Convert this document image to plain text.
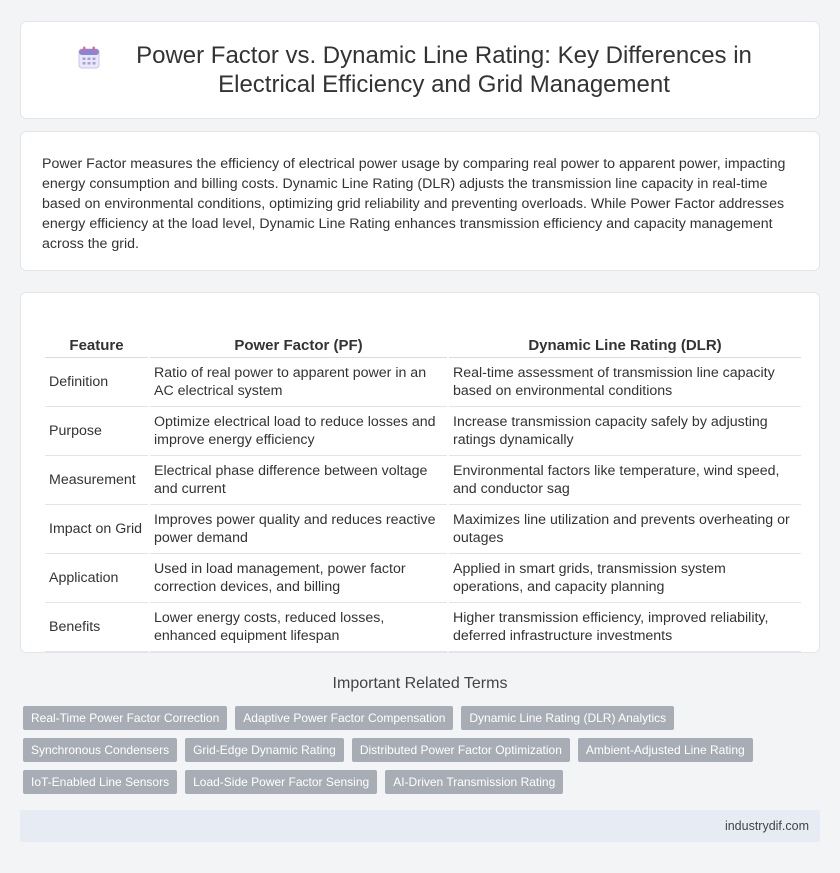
Power Factor vs. Dynamic Line Rating: Key Differences in Electrical Efficiency and Grid Management

Power Factor measures the efficiency of electrical power usage by comparing real power to apparent power, impacting energy consumption and billing costs. Dynamic Line Rating (DLR) adjusts the transmission line capacity in real-time based on environmental conditions, optimizing grid reliability and preventing overloads. While Power Factor addresses energy efficiency at the load level, Dynamic Line Rating enhances transmission efficiency and capacity management across the grid.

Feature	Power Factor (PF)	Dynamic Line Rating (DLR)
Definition	Ratio of real power to apparent power in an AC electrical system	Real-time assessment of transmission line capacity based on environmental conditions
Purpose	Optimize electrical load to reduce losses and improve energy efficiency	Increase transmission capacity safely by adjusting ratings dynamically
Measurement	Electrical phase difference between voltage and current	Environmental factors like temperature, wind speed, and conductor sag
Impact on Grid	Improves power quality and reduces reactive power demand	Maximizes line utilization and prevents overheating or outages
Application	Used in load management, power factor correction devices, and billing	Applied in smart grids, transmission system operations, and capacity planning
Benefits	Lower energy costs, reduced losses, enhanced equipment lifespan	Higher transmission efficiency, improved reliability, deferred infrastructure investments
Important Related Terms
Real-Time Power Factor Correction	Adaptive Power Factor Compensation	Dynamic Line Rating (DLR) Analytics
Synchronous Condensers	Grid-Edge Dynamic Rating	Distributed Power Factor Optimization	Ambient-Adjusted Line Rating
IoT-Enabled Line Sensors	Load-Side Power Factor Sensing	AI-Driven Transmission Rating
industrydif.com
